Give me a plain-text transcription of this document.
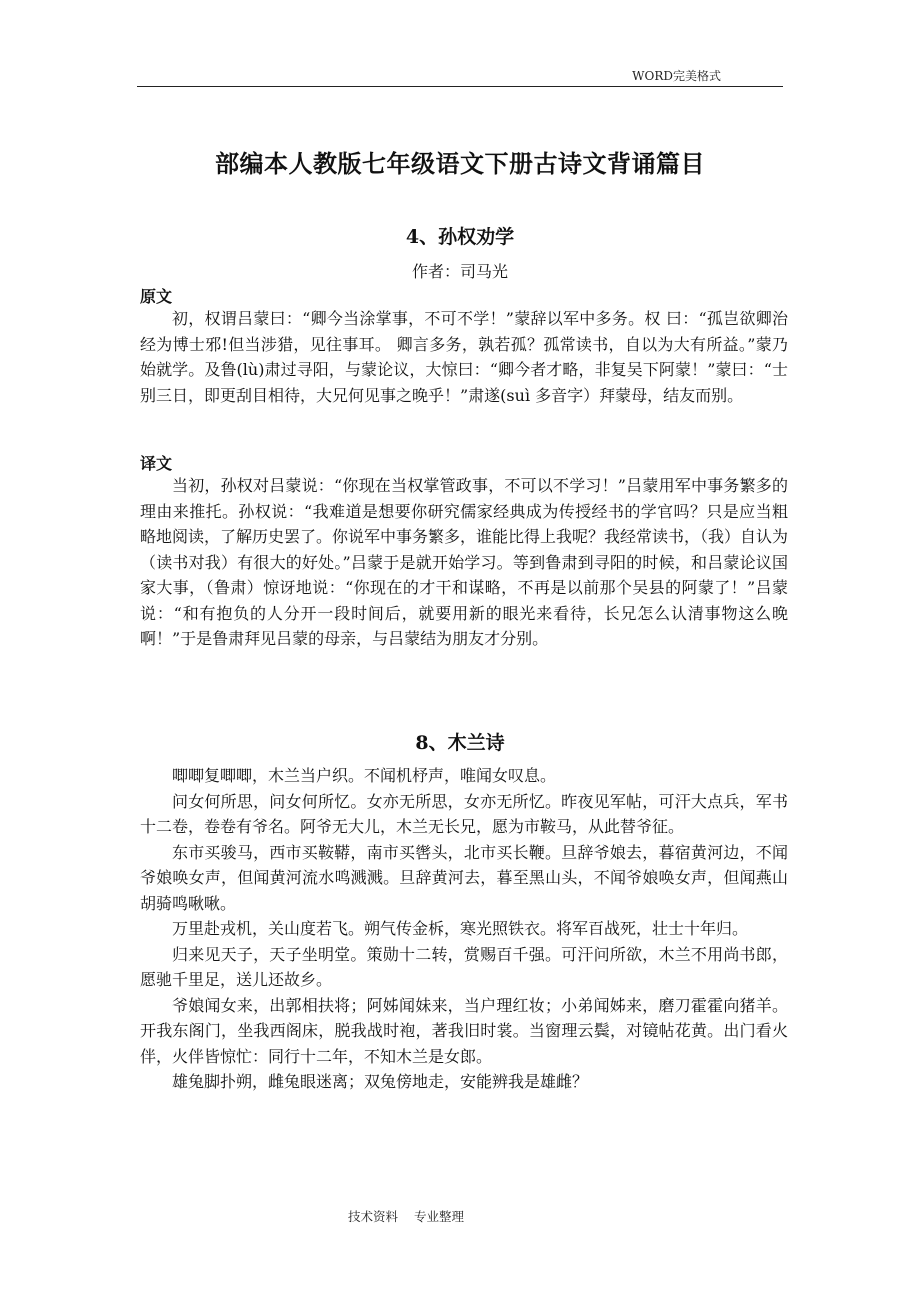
WORD完美格式
部编本人教版七年级语文下册古诗文背诵篇目
4、孙权劝学
作者：司马光
原文

初，权谓吕蒙曰：“卿今当涂掌事，不可不学！”蒙辞以军中多务。权 曰：“孤岂欲卿治经为博士邪!但当涉猎，见往事耳。 卿言多务，孰若孤？孤常读书，自以为大有所益。”蒙乃始就学。及鲁(lù)肃过寻阳，与蒙论议，大惊曰：“卿今者才略，非复吴下阿蒙！”蒙曰：“士别三日，即更刮目相待，大兄何见事之晚乎！”肃遂(suì 多音字）拜蒙母，结友而别。

译文

当初，孙权对吕蒙说：“你现在当权掌管政事，不可以不学习！”吕蒙用军中事务繁多的理由来推托。孙权说：“我难道是想要你研究儒家经典成为传授经书的学官吗？只是应当粗略地阅读，了解历史罢了。你说军中事务繁多，谁能比得上我呢？我经常读书，（我）自认为（读书对我）有很大的好处。”吕蒙于是就开始学习。等到鲁肃到寻阳的时候，和吕蒙论议国家大事，（鲁肃）惊讶地说：“你现在的才干和谋略，不再是以前那个吴县的阿蒙了！”吕蒙说：“和有抱负的人分开一段时间后，就要用新的眼光来看待，长兄怎么认清事物这么晚啊！”于是鲁肃拜见吕蒙的母亲，与吕蒙结为朋友才分别。

8、木兰诗

唧唧复唧唧，木兰当户织。不闻机杼声，唯闻女叹息。

问女何所思，问女何所忆。女亦无所思，女亦无所忆。昨夜见军帖，可汗大点兵，军书十二卷，卷卷有爷名。阿爷无大儿，木兰无长兄，愿为市鞍马，从此替爷征。

东市买骏马，西市买鞍鞯，南市买辔头，北市买长鞭。旦辞爷娘去，暮宿黄河边，不闻爷娘唤女声，但闻黄河流水鸣溅溅。旦辞黄河去，暮至黑山头，不闻爷娘唤女声，但闻燕山胡骑鸣啾啾。

万里赴戎机，关山度若飞。朔气传金柝，寒光照铁衣。将军百战死，壮士十年归。

归来见天子，天子坐明堂。策勋十二转，赏赐百千强。可汗问所欲，木兰不用尚书郎，愿驰千里足，送儿还故乡。

爷娘闻女来，出郭相扶将；阿姊闻妹来，当户理红妆；小弟闻姊来，磨刀霍霍向猪羊。开我东阁门，坐我西阁床，脱我战时袍，著我旧时裳。当窗理云鬓，对镜帖花黄。出门看火伴，火伴皆惊忙：同行十二年，不知木兰是女郎。

雄兔脚扑朔，雌兔眼迷离；双兔傍地走，安能辨我是雄雌？

技术资料 专业整理
